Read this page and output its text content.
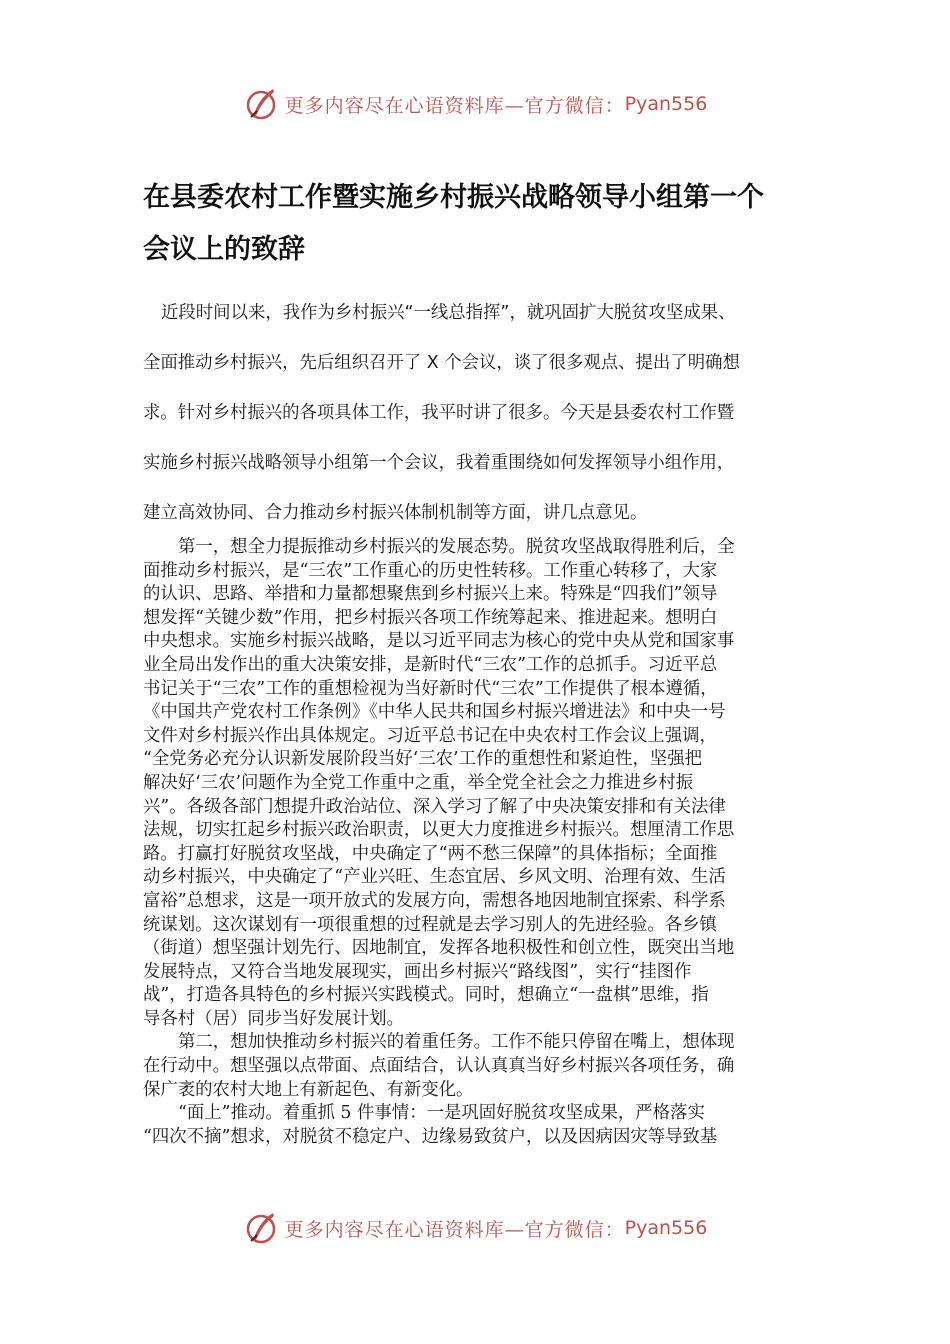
更多内容尽在心语资料库—官方微信： Pyan556
在县委农村工作暨实施乡村振兴战略领导小组第一个
会议上的致辞
近段时间以来，我作为乡村振兴“一线总指挥”，就巩固扩大脱贫攻坚成果、
全面推动乡村振兴，先后组织召开了 X 个会议，谈了很多观点、提出了明确想
求。针对乡村振兴的各项具体工作，我平时讲了很多。今天是县委农村工作暨
实施乡村振兴战略领导小组第一个会议，我着重围绕如何发挥领导小组作用，
建立高效协同、合力推动乡村振兴体制机制等方面，讲几点意见。
第一，想全力提振推动乡村振兴的发展态势。脱贫攻坚战取得胜利后，全
面推动乡村振兴，是“三农”工作重心的历史性转移。工作重心转移了，大家
的认识、思路、举措和力量都想聚焦到乡村振兴上来。特殊是“四我们”领导
想发挥“关键少数”作用，把乡村振兴各项工作统筹起来、推进起来。想明白
中央想求。实施乡村振兴战略，是以习近平同志为核心的党中央从党和国家事
业全局出发作出的重大决策安排，是新时代“三农”工作的总抓手。习近平总
书记关于“三农”工作的重想检视为当好新时代“三农”工作提供了根本遵循，
《中国共产党农村工作条例》《中华人民共和国乡村振兴增进法》和中央一号
文件对乡村振兴作出具体规定。习近平总书记在中央农村工作会议上强调，
“全党务必充分认识新发展阶段当好‘三农’工作的重想性和紧迫性，坚强把
解决好‘三农’问题作为全党工作重中之重，举全党全社会之力推进乡村振
兴”。各级各部门想提升政治站位、深入学习了解了中央决策安排和有关法律
法规，切实扛起乡村振兴政治职责，以更大力度推进乡村振兴。想厘清工作思
路。打赢打好脱贫攻坚战，中央确定了“两不愁三保障”的具体指标；全面推
动乡村振兴，中央确定了“产业兴旺、生态宜居、乡风文明、治理有效、生活
富裕”总想求，这是一项开放式的发展方向，需想各地因地制宜探索、科学系
统谋划。这次谋划有一项很重想的过程就是去学习别人的先进经验。各乡镇
（街道）想坚强计划先行、因地制宜，发挥各地积极性和创立性，既突出当地
发展特点，又符合当地发展现实，画出乡村振兴“路线图”，实行“挂图作
战”，打造各具特色的乡村振兴实践模式。同时，想确立“一盘棋”思维，指
导各村（居）同步当好发展计划。
第二，想加快推动乡村振兴的着重任务。工作不能只停留在嘴上，想体现
在行动中。想坚强以点带面、点面结合，认认真真当好乡村振兴各项任务，确
保广袤的农村大地上有新起色、有新变化。
“面上”推动。着重抓 5 件事情：一是巩固好脱贫攻坚成果，严格落实
“四次不摘”想求，对脱贫不稳定户、边缘易致贫户，以及因病因灾等导致基
更多内容尽在心语资料库—官方微信： Pyan556
